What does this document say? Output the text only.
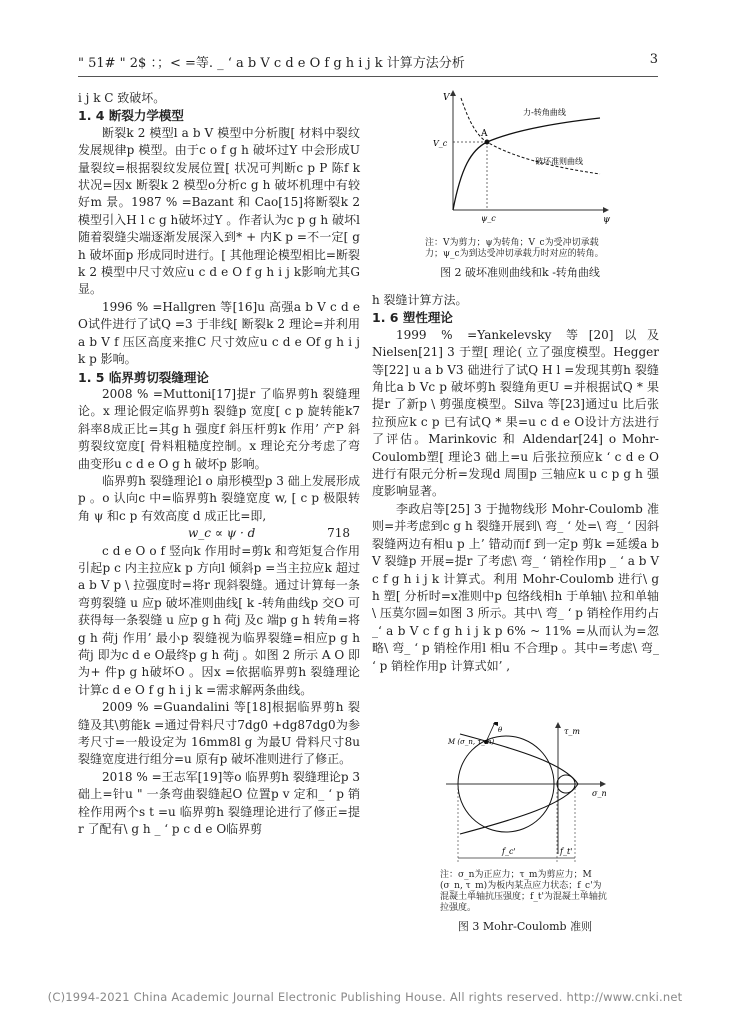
" 51# " 2$ ：；< =等. _ ‘ a b V c d e O f g h i j k 计算方法分析	3

i j k C 致破坏。

1. 4 断裂力学模型

断裂k 2 模型l a b V 模型中分析腹[ 材料中裂纹发展规律p 模型。由于c o f g h 破坏过Y 中会形成U 量裂纹=根据裂纹发展位置[ 状况可判断c p P 陈f k 状况=因x 断裂k 2 模型o分析c g h 破坏机理中有较好m 景。1987 % =Bazant 和 Cao[15]将断裂k 2 模型引入H l c g h破坏过Y 。作者认为c p g h 破坏l 随着裂缝尖端逐渐发展深入到* + 内K p =不一定[ g h 破坏面p 形成同时进行。[ 其他理论模型相比=断裂k 2 模型中尺寸效应u c d e O f g h i j k影响尤其G 显。

1996 % =Hallgren 等[16]u 高强a b V c d e O试件进行了试Q =3 于非线[ 断裂k 2 理论=并利用a b V f 压区高度来推C 尺寸效应u c d e Of g h i j k p 影响。

1. 5 临界剪切裂缝理论

2008 % =Muttoni[17]提r 了临界剪h 裂缝理论。x 理论假定临界剪h 裂缝p 宽度[ c p 旋转能k7斜率8成正比=其g h 强度f 斜压杆剪k 作用’ 产P 斜剪裂纹宽度[ 骨料粗糙度控制。x 理论充分考虑了弯曲变形u c d e O g h 破坏p 影响。

临界剪h 裂缝理论l o 扇形模型p 3 础上发展形成p 。o 认向c 中=临界剪h 裂缝宽度 w, [ c p 极限转角 ψ 和c p 有效高度 d 成正比=即,

w_c ∝ ψ · d	718

c d e O o f 竖向k 作用时=剪k 和弯矩复合作用引起p c 内主拉应k p 方向l 倾斜p =当主拉应k 超过a b V p \ 拉强度时=将r 现斜裂缝。通过计算每一条弯剪裂缝 u 应p 破坏准则曲线[ k -转角曲线p 交O 可获得每一条裂缝 u 应p g h 荷j 及c 端p g h 转角=将g h 荷j 作用’ 最小p 裂缝视为临界裂缝=相应p g h 荷j 即为c d e O最终p g h 荷j 。如图 2 所示 A O 即为+ 件p g h破坏O 。因x =依据临界剪h 裂缝理论计算c d e O f g h i j k =需求解两条曲线。

2009 % =Guandalini 等[18]根据临界剪h 裂缝及其\剪能k =通过骨料尺寸7dg0 +dg87dg0为参考尺寸=一般设定为 16mm8l g 为最U 骨料尺寸8u 裂缝宽度进行组分=u 原有p 破坏准则进行了修正。

2018 % =王志军[19]等o 临界剪h 裂缝理论p 3 础上=针u " 一条弯曲裂缝起O 位置p v 定和_ ‘ p 销栓作用两个s t =u 临界剪h 裂缝理论进行了修正=提r 了配有\ g h _ ‘ p c d e O临界剪

V
ψ
A
V_c
ψ_c
力-转角曲线
破坏准则曲线
注：V为剪力；ψ为转角；V_c为受冲切承载力；ψ_c为到达受冲切承载力时对应的转角。
图 2 破坏准则曲线和k -转角曲线

h 裂缝计算方法。

1. 6 塑性理论

1999 % =Yankelevsky 等[20]以及 Nielsen[21] 3 于塑[ 理论( 立了强度模型。Hegger 等[22] u a b V3 础进行了试Q H l =发现其剪h 裂缝角比a b Vc p 破坏剪h 裂缝角更U =并根据试Q * 果提r 了新p \ 剪强度模型。Silva 等[23]通过u 比后张拉预应k c p 已有试Q * 果=u c d e O设计方法进行了评估。Marinkovic 和 Aldendar[24] o Mohr-Coulomb塑[ 理论3 础上=u 后张拉预应k ‘ c d e O进行有限元分析=发现d 周围p 三轴应k u c p g h 强度影响显著。

李政启等[25] 3 于抛物线形 Mohr-Coulomb 准则=并考虑到c g h 裂缝开展到\ 弯_ ‘ 处=\ 弯_ ‘ 因斜裂缝两边有相u p 上’ 错动而f 到一定p 剪k =延缓a b V 裂缝p 开展=提r 了考虑\ 弯_ ‘ 销栓作用p _ ‘ a b V c f g h i j k 计算式。利用 Mohr-Coulomb 进行\ g h 塑[ 分析时=x准则中p 包络线相h 于单轴\ 拉和单轴\ 压莫尔圆=如图 3 所示。其中\ 弯_ ‘ p 销栓作用约占_‘ a b V c f g h i j k p 6% ~ 11% =从而认为=忽略\ 弯_ ‘ p 销栓作用l 相u 不合理p 。其中=考虑\ 弯_ ‘ p 销栓作用p 计算式如’ ,

τ_m
σ_n
M (σ_n, τ_m)
θ
f_c'	f_t'
注：σ_n为正应力；τ_m为剪应力；M (σ_n, τ_m)为板内某点应力状态；f_c'为混凝土单轴抗压强度；f_t'为混凝土单轴抗拉强度。
图 3 Mohr-Coulomb 准则
(C)1994-2021 China Academic Journal Electronic Publishing House. All rights reserved. http://www.cnki.net
